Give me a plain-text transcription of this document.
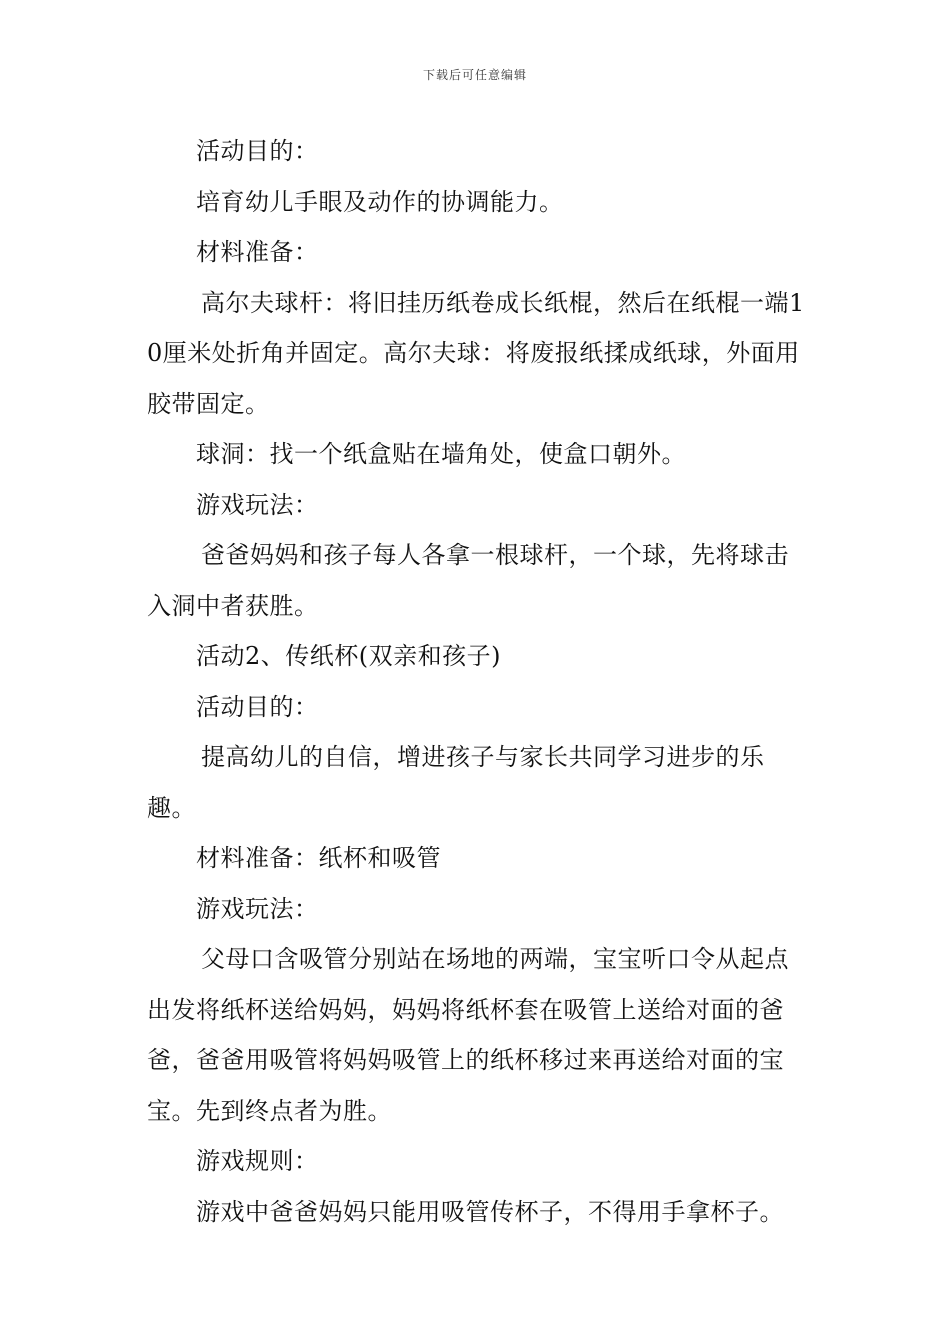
下载后可任意编辑

活动目的：

培育幼儿手眼及动作的协调能力。

材料准备：

高尔夫球杆：将旧挂历纸卷成长纸棍，然后在纸棍一端10厘米处折角并固定。高尔夫球：将废报纸揉成纸球，外面用胶带固定。

球洞：找一个纸盒贴在墙角处，使盒口朝外。

游戏玩法：

爸爸妈妈和孩子每人各拿一根球杆，一个球，先将球击入洞中者获胜。

活动2、传纸杯(双亲和孩子)

活动目的：

提高幼儿的自信，增进孩子与家长共同学习进步的乐趣。

材料准备：纸杯和吸管

游戏玩法：

父母口含吸管分别站在场地的两端，宝宝听口令从起点出发将纸杯送给妈妈，妈妈将纸杯套在吸管上送给对面的爸爸，爸爸用吸管将妈妈吸管上的纸杯移过来再送给对面的宝宝。先到终点者为胜。

游戏规则：

游戏中爸爸妈妈只能用吸管传杯子，不得用手拿杯子。
